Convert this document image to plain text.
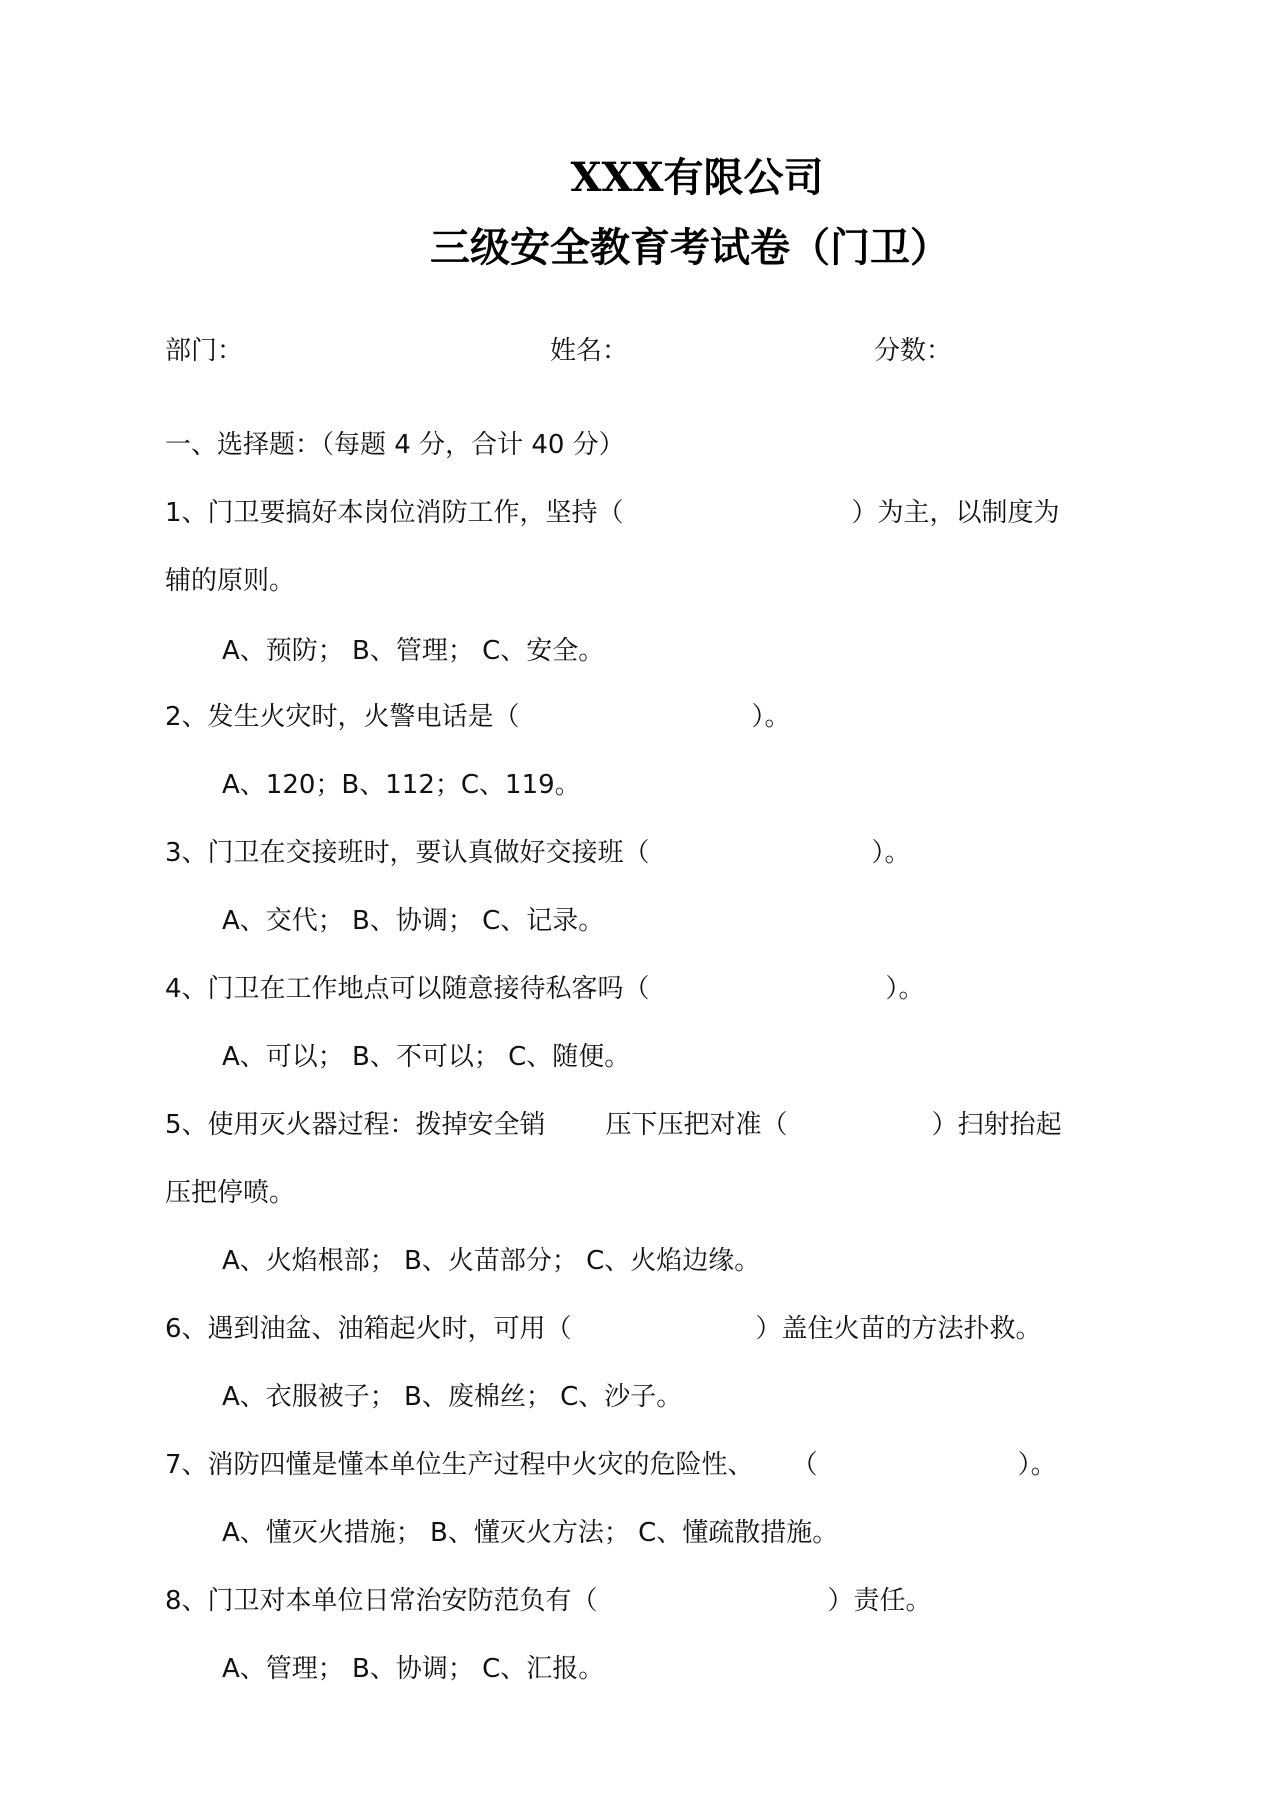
XXX有限公司
三级安全教育考试卷（门卫）
部门：	姓名：	分数：
一、选择题：（每题 4 分，合计 40 分）
1、门卫要搞好本岗位消防工作，坚持（	）为主，以制度为
辅的原则。
A、预防； B、管理； C、安全。
2、发生火灾时，火警电话是（	）。
A、120；B、112；C、119。
3、门卫在交接班时，要认真做好交接班（	）。
A、交代； B、协调； C、记录。
4、门卫在工作地点可以随意接待私客吗（	）。
A、可以； B、不可以； C、随便。
5、使用灭火器过程：拨掉安全销 压下压把对准（	）扫射抬起
压把停喷。
A、火焰根部； B、火苗部分； C、火焰边缘。
6、遇到油盆、油箱起火时，可用（	）盖住火苗的方法扑救。
A、衣服被子； B、废棉丝； C、沙子。
7、消防四懂是懂本单位生产过程中火灾的危险性、 （	）。
A、懂灭火措施； B、懂灭火方法； C、懂疏散措施。
8、门卫对本单位日常治安防范负有（	）责任。
A、管理； B、协调； C、汇报。
